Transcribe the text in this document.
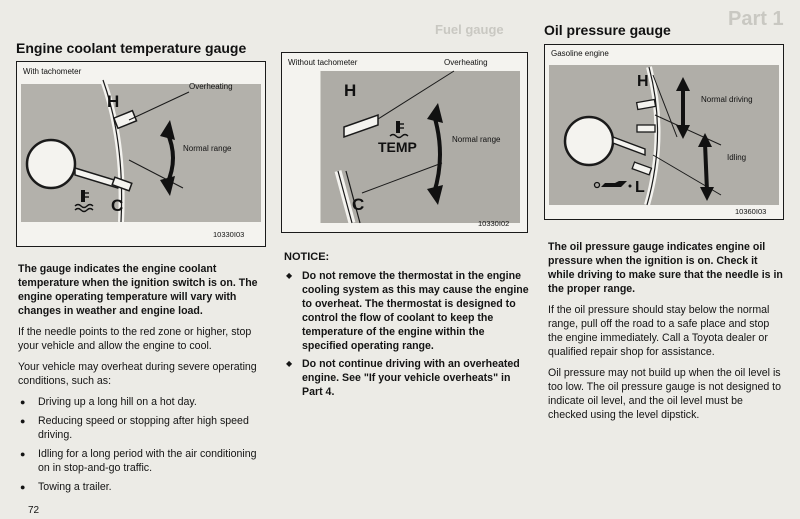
Fuel gauge	Part 1
Engine coolant temperature gauge
With tachometer
Overheating
Normal range
H
C
10330I03

The gauge indicates the engine coolant temperature when the ignition switch is on. The engine operating temperature will vary with changes in weather and engine load.

If the needle points to the red zone or higher, stop your vehicle and allow the engine to cool.

Your vehicle may overheat during severe operating conditions, such as:

● Driving up a long hill on a hot day.
● Reducing speed or stopping after high speed driving.
● Idling for a long period with the air conditioning on in stop-and-go traffic.
● Towing a trailer.
72
Without tachometer	Overheating
Normal range
H
C
TEMP
10330I02
NOTICE:
◆ Do not remove the thermostat in the engine cooling system as this may cause the engine to overheat. The thermostat is designed to control the flow of coolant to keep the temperature of the engine within the specified operating range.
◆ Do not continue driving with an overheated engine. See "If your vehicle overheats" in Part 4.
Oil pressure gauge
Gasoline engine
Normal driving
Idling
H
L
10360I03

The oil pressure gauge indicates engine oil pressure when the ignition is on. Check it while driving to make sure that the needle is in the proper range.

If the oil pressure should stay below the normal range, pull off the road to a safe place and stop the engine immediately. Call a Toyota dealer or qualified repair shop for assistance.

Oil pressure may not build up when the oil level is too low. The oil pressure gauge is not designed to indicate oil level, and the oil level must be checked using the level dipstick.
